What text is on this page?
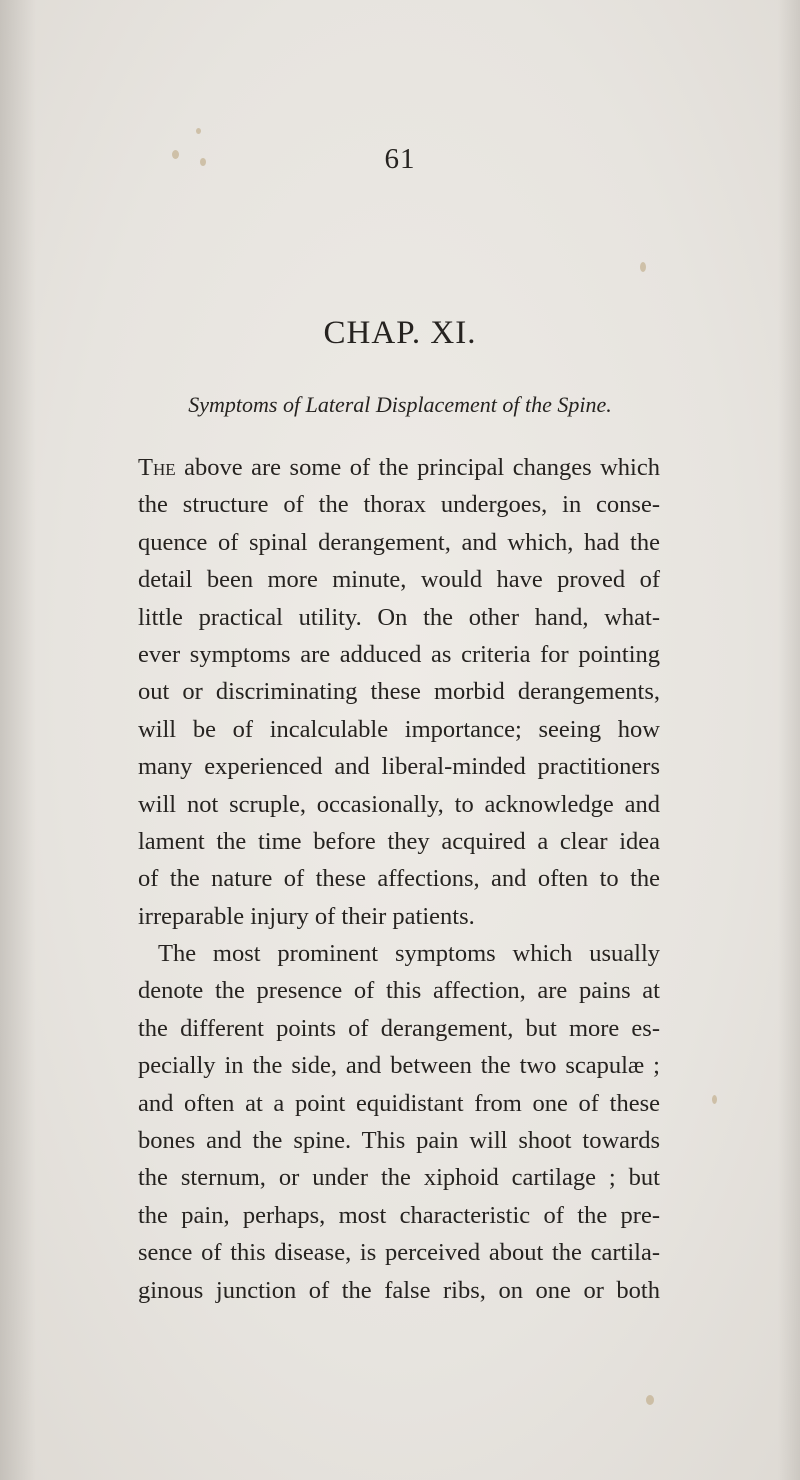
61
CHAP. XI.
Symptoms of Lateral Displacement of the Spine.
The above are some of the principal changes which
the structure of the thorax undergoes, in conse-
quence of spinal derangement, and which, had the
detail been more minute, would have proved of
little practical utility. On the other hand, what-
ever symptoms are adduced as criteria for pointing
out or discriminating these morbid derangements,
will be of incalculable importance; seeing how
many experienced and liberal-minded practitioners
will not scruple, occasionally, to acknowledge and
lament the time before they acquired a clear idea
of the nature of these affections, and often to the
irreparable injury of their patients.
The most prominent symptoms which usually
denote the presence of this affection, are pains at
the different points of derangement, but more es-
pecially in the side, and between the two scapulæ ;
and often at a point equidistant from one of these
bones and the spine. This pain will shoot towards
the sternum, or under the xiphoid cartilage ; but
the pain, perhaps, most characteristic of the pre-
sence of this disease, is perceived about the cartila-
ginous junction of the false ribs, on one or both
